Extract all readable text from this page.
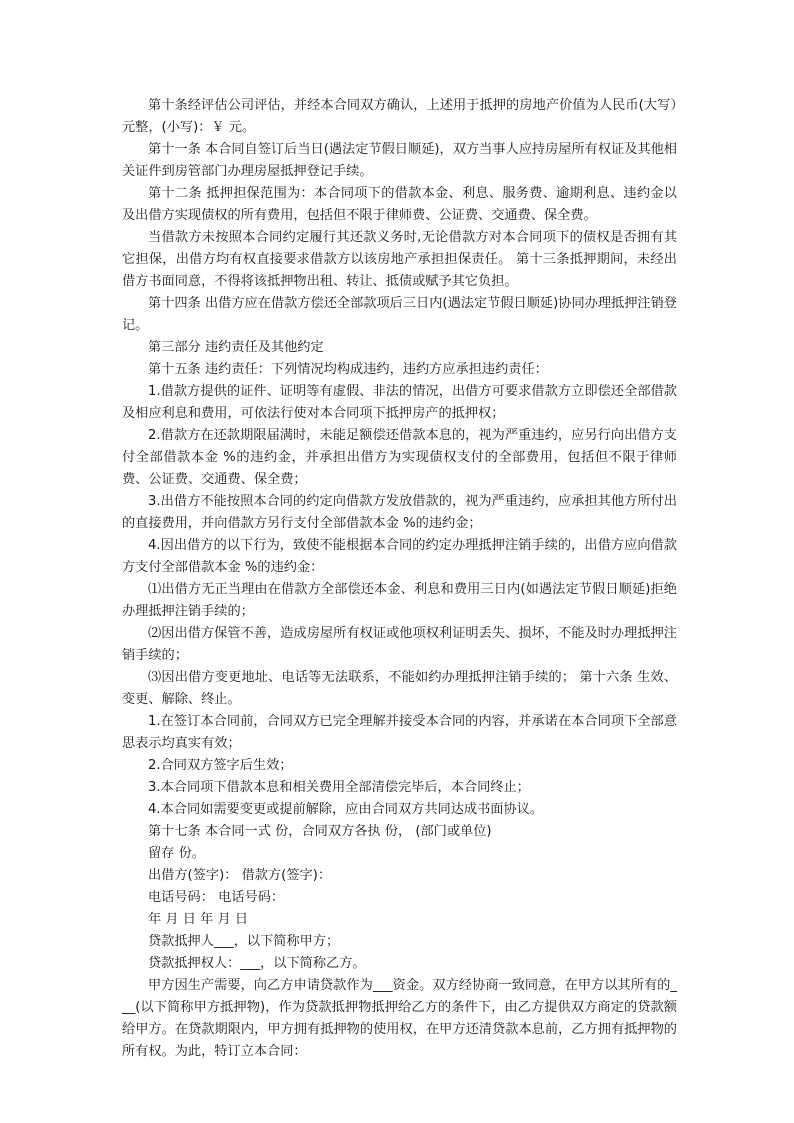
第十条经评估公司评估，并经本合同双方确认，上述用于抵押的房地产价值为人民币(大写）元整，(小写)：￥ 元。

第十一条 本合同自签订后当日(遇法定节假日顺延)，双方当事人应持房屋所有权证及其他相关证件到房管部门办理房屋抵押登记手续。

第十二条 抵押担保范围为：本合同项下的借款本金、利息、服务费、逾期利息、违约金以及出借方实现债权的所有费用，包括但不限于律师费、公证费、交通费、保全费。

当借款方未按照本合同约定履行其还款义务时,无论借款方对本合同项下的债权是否拥有其它担保，出借方均有权直接要求借款方以该房地产承担担保责任。 第十三条抵押期间，未经出借方书面同意，不得将该抵押物出租、转让、抵债或赋予其它负担。

第十四条 出借方应在借款方偿还全部款项后三日内(遇法定节假日顺延)协同办理抵押注销登记。

第三部分 违约责任及其他约定

第十五条 违约责任：下列情况均构成违约，违约方应承担违约责任：

1.借款方提供的证件、证明等有虚假、非法的情况，出借方可要求借款方立即偿还全部借款及相应利息和费用，可依法行使对本合同项下抵押房产的抵押权；

2.借款方在还款期限届满时，未能足额偿还借款本息的，视为严重违约，应另行向出借方支付全部借款本金 %的违约金，并承担出借方为实现债权支付的全部费用，包括但不限于律师费、公证费、交通费、保全费；

3.出借方不能按照本合同的约定向借款方发放借款的，视为严重违约，应承担其他方所付出的直接费用，并向借款方另行支付全部借款本金 %的违约金；

4.因出借方的以下行为，致使不能根据本合同的约定办理抵押注销手续的，出借方应向借款方支付全部借款本金 %的违约金：

⑴出借方无正当理由在借款方全部偿还本金、利息和费用三日内(如遇法定节假日顺延)拒绝办理抵押注销手续的；

⑵因出借方保管不善，造成房屋所有权证或他项权利证明丢失、损坏，不能及时办理抵押注销手续的；

⑶因出借方变更地址、电话等无法联系，不能如约办理抵押注销手续的； 第十六条 生效、变更、解除、终止。

1.在签订本合同前，合同双方已完全理解并接受本合同的内容，并承诺在本合同项下全部意思表示均真实有效；

2.合同双方签字后生效；

3.本合同项下借款本息和相关费用全部清偿完毕后，本合同终止；

4.本合同如需要变更或提前解除，应由合同双方共同达成书面协议。

第十七条 本合同一式 份，合同双方各执 份， (部门或单位)

留存 份。

出借方(签字)： 借款方(签字)：

电话号码： 电话号码：

年 月 日 年 月 日

贷款抵押人___，以下简称甲方；

贷款抵押权人：___，以下简称乙方。

甲方因生产需要，向乙方申请贷款作为___资金。双方经协商一致同意，在甲方以其所有的___(以下简称甲方抵押物)，作为贷款抵押物抵押给乙方的条件下，由乙方提供双方商定的贷款额给甲方。在贷款期限内，甲方拥有抵押物的使用权，在甲方还清贷款本息前，乙方拥有抵押物的所有权。为此，特订立本合同：
